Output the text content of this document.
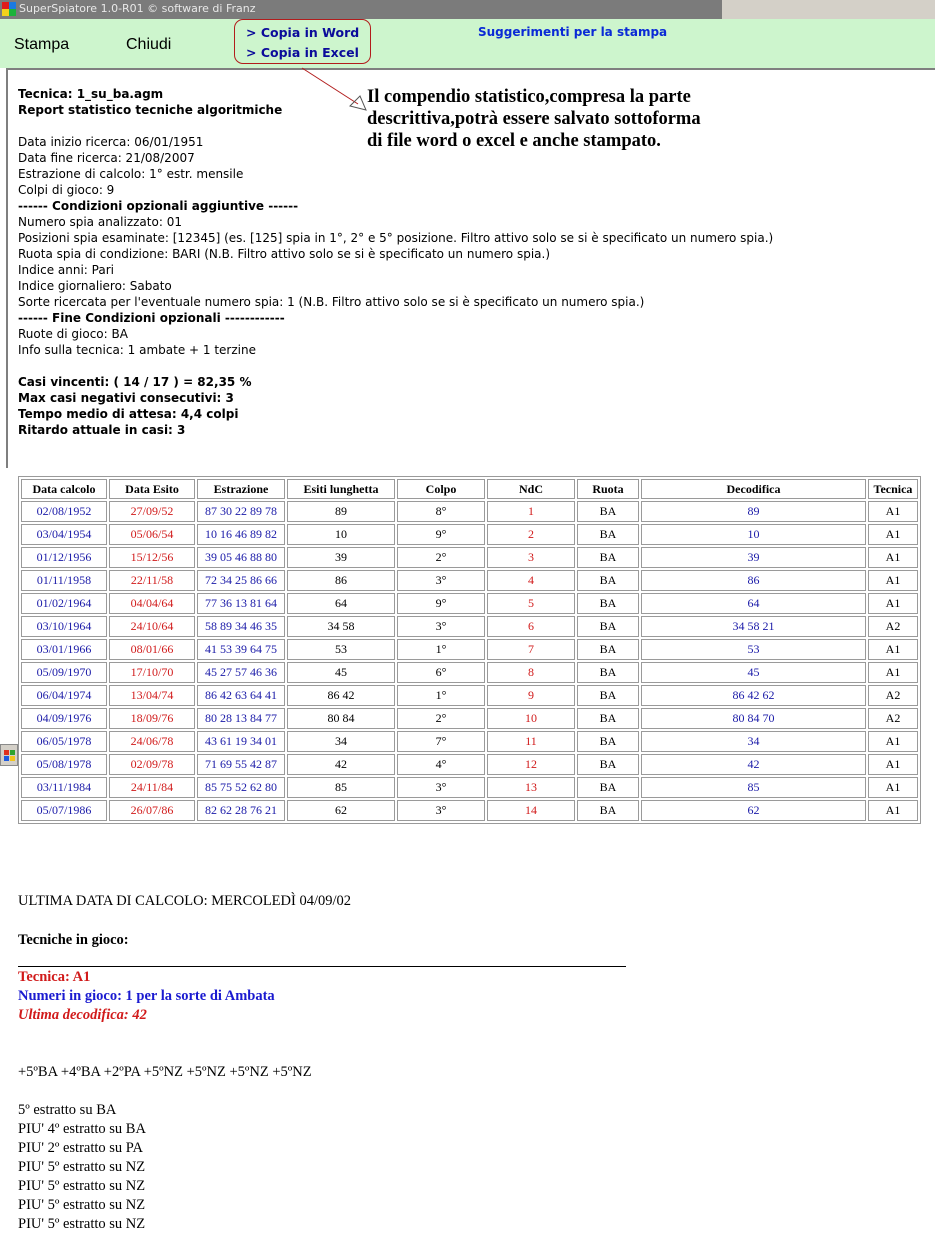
SuperSpiatore 1.0-R01 © software di Franz
Stampa	Chiudi
> Copia in Word
> Copia in Excel
Suggerimenti per la stampa
Il compendio statistico,compresa la parte
descrittiva,potrà essere salvato sottoforma
di file word o excel e anche stampato.
Tecnica: 1_su_ba.agm
Report statistico tecniche algoritmiche
Data inizio ricerca: 06/01/1951
Data fine ricerca: 21/08/2007
Estrazione di calcolo: 1° estr. mensile
Colpi di gioco: 9
------ Condizioni opzionali aggiuntive ------
Numero spia analizzato: 01
Posizioni spia esaminate: [12345] (es. [125] spia in 1°, 2° e 5° posizione. Filtro attivo solo se si è specificato un numero spia.)
Ruota spia di condizione: BARI (N.B. Filtro attivo solo se si è specificato un numero spia.)
Indice anni: Pari
Indice giornaliero: Sabato
Sorte ricercata per l'eventuale numero spia: 1 (N.B. Filtro attivo solo se si è specificato un numero spia.)
------ Fine Condizioni opzionali ------------
Ruote di gioco: BA
Info sulla tecnica: 1 ambate + 1 terzine
Casi vincenti: ( 14 / 17 ) = 82,35 %
Max casi negativi consecutivi: 3
Tempo medio di attesa: 4,4 colpi
Ritardo attuale in casi: 3
Data calcolo	Data Esito	Estrazione	Esiti lunghetta	Colpo	NdC	Ruota	Decodifica	Tecnica
02/08/1952	27/09/52	87 30 22 89 78	89	8°	1	BA	89	A1
03/04/1954	05/06/54	10 16 46 89 82	10	9°	2	BA	10	A1
01/12/1956	15/12/56	39 05 46 88 80	39	2°	3	BA	39	A1
01/11/1958	22/11/58	72 34 25 86 66	86	3°	4	BA	86	A1
01/02/1964	04/04/64	77 36 13 81 64	64	9°	5	BA	64	A1
03/10/1964	24/10/64	58 89 34 46 35	34 58	3°	6	BA	34 58 21	A2
03/01/1966	08/01/66	41 53 39 64 75	53	1°	7	BA	53	A1
05/09/1970	17/10/70	45 27 57 46 36	45	6°	8	BA	45	A1
06/04/1974	13/04/74	86 42 63 64 41	86 42	1°	9	BA	86 42 62	A2
04/09/1976	18/09/76	80 28 13 84 77	80 84	2°	10	BA	80 84 70	A2
06/05/1978	24/06/78	43 61 19 34 01	34	7°	11	BA	34	A1
05/08/1978	02/09/78	71 69 55 42 87	42	4°	12	BA	42	A1
03/11/1984	24/11/84	85 75 52 62 80	85	3°	13	BA	85	A1
05/07/1986	26/07/86	82 62 28 76 21	62	3°	14	BA	62	A1
ULTIMA DATA DI CALCOLO: MERCOLEDÌ 04/09/02
Tecniche in gioco:
Tecnica: A1
Numeri in gioco: 1 per la sorte di Ambata
Ultima decodifica: 42
+5ºBA +4ºBA +2ºPA +5ºNZ +5ºNZ +5ºNZ +5ºNZ
5º estratto su BA
PIU' 4º estratto su BA
PIU' 2º estratto su PA
PIU' 5º estratto su NZ
PIU' 5º estratto su NZ
PIU' 5º estratto su NZ
PIU' 5º estratto su NZ
